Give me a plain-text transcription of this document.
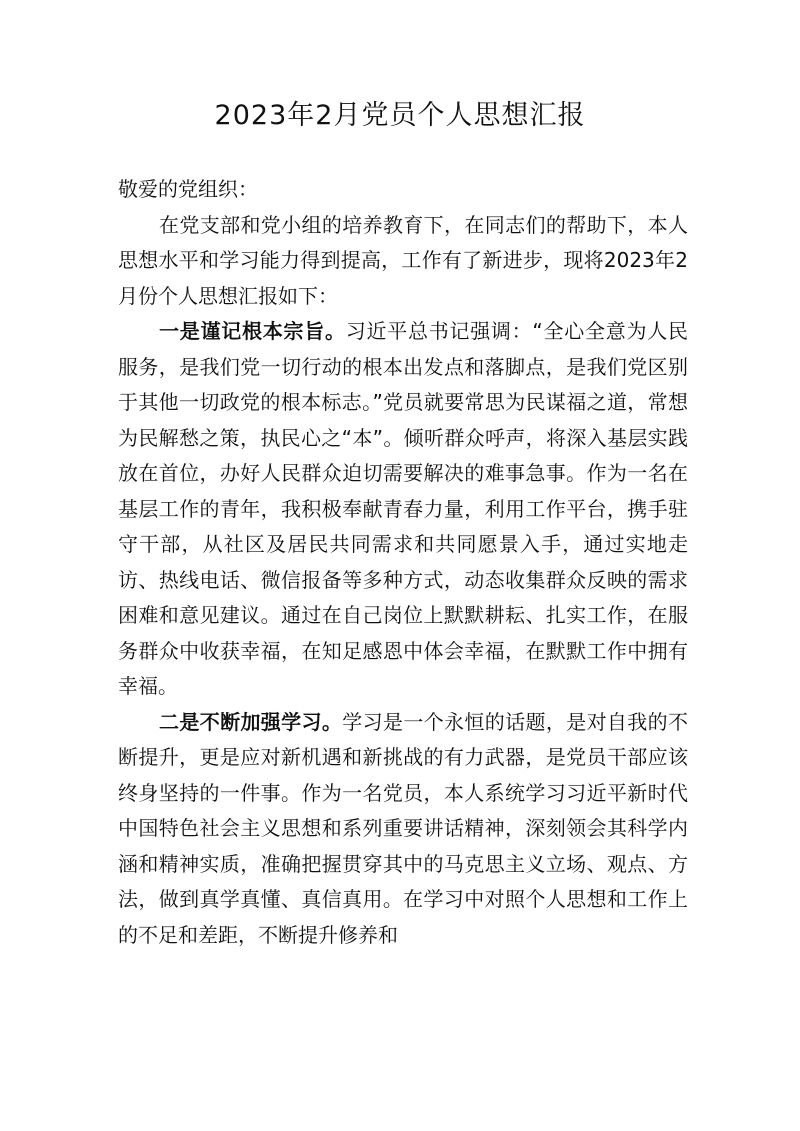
2023年2月党员个人思想汇报

敬爱的党组织：

在党支部和党小组的培养教育下，在同志们的帮助下，本人思想水平和学习能力得到提高，工作有了新进步，现将2023年2月份个人思想汇报如下：

一是谨记根本宗旨。习近平总书记强调：“全心全意为人民服务，是我们党一切行动的根本出发点和落脚点，是我们党区别于其他一切政党的根本标志。”党员就要常思为民谋福之道，常想为民解愁之策，执民心之“本”。倾听群众呼声，将深入基层实践放在首位，办好人民群众迫切需要解决的难事急事。作为一名在基层工作的青年，我积极奉献青春力量，利用工作平台，携手驻守干部，从社区及居民共同需求和共同愿景入手，通过实地走访、热线电话、微信报备等多种方式，动态收集群众反映的需求困难和意见建议。通过在自己岗位上默默耕耘、扎实工作，在服务群众中收获幸福，在知足感恩中体会幸福，在默默工作中拥有幸福。

二是不断加强学习。学习是一个永恒的话题，是对自我的不断提升，更是应对新机遇和新挑战的有力武器，是党员干部应该终身坚持的一件事。作为一名党员，本人系统学习习近平新时代中国特色社会主义思想和系列重要讲话精神，深刻领会其科学内涵和精神实质，准确把握贯穿其中的马克思主义立场、观点、方法，做到真学真懂、真信真用。在学习中对照个人思想和工作上的不足和差距，不断提升修养和
